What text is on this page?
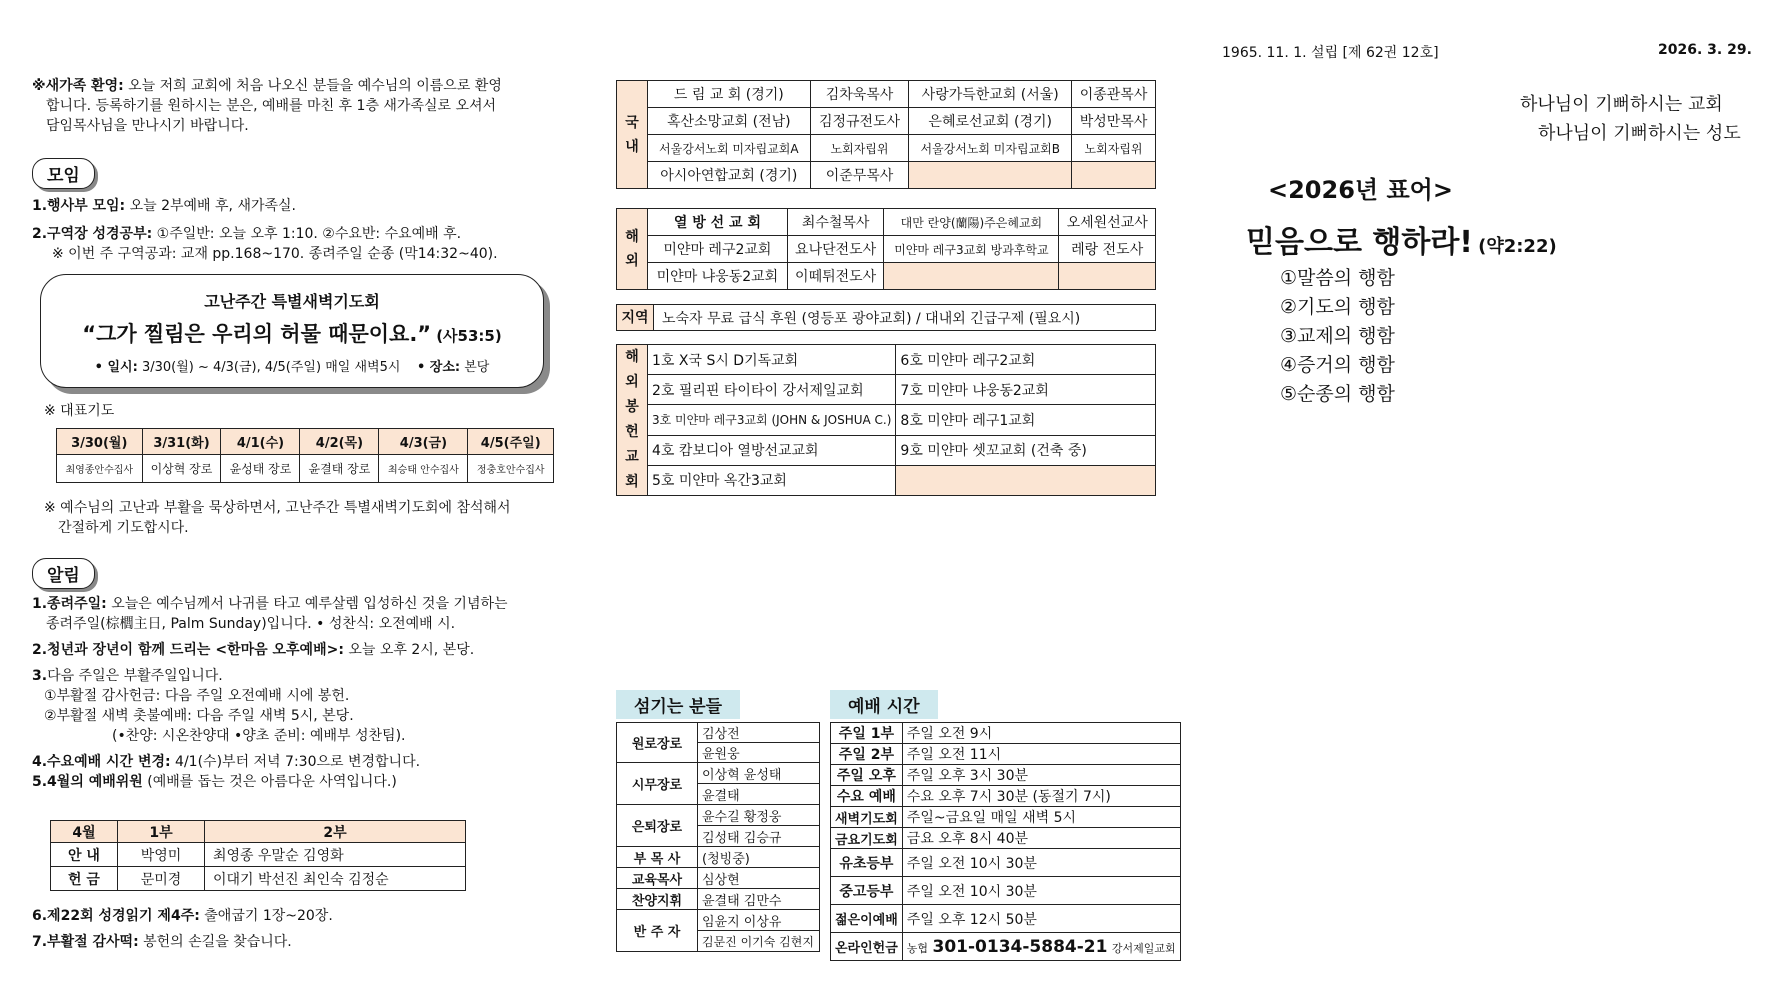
1965. 11. 1. 설립 [제 62권 12호]	2026. 3. 29.
하나님이 기뻐하시는 교회
하나님이 기뻐하시는 성도
<2026년 표어>
믿음으로 행하라! (약2:22)
①말씀의 행함
②기도의 행함
③교제의 행함
④증거의 행함
⑤순종의 행함
※새가족 환영: 오늘 저희 교회에 처음 나오신 분들을 예수님의 이름으로 환영
합니다. 등록하기를 원하시는 분은, 예배를 마친 후 1층 새가족실로 오셔서
담임목사님을 만나시기 바랍니다.
모임
1.행사부 모임: 오늘 2부예배 후, 새가족실.
2.구역장 성경공부: ①주일반: 오늘 오후 1:10. ②수요반: 수요예배 후.
※ 이번 주 구역공과: 교재 pp.168~170. 종려주일 순종 (막14:32~40).
고난주간 특별새벽기도회
“그가 찔림은 우리의 허물 때문이요.” (사53:5)
• 일시: 3/30(월) ~ 4/3(금), 4/5(주일) 매일 새벽5시 • 장소: 본당
※ 대표기도
3/30(월)	3/31(화)	4/1(수)	4/2(목)	4/3(금)	4/5(주일)
최영종안수집사	이상혁 장로	윤성태 장로	윤결태 장로	최승태 안수집사	정충호안수집사
※ 예수님의 고난과 부활을 묵상하면서, 고난주간 특별새벽기도회에 참석해서
간절하게 기도합시다.
알림
1.종려주일: 오늘은 예수님께서 나귀를 타고 예루살렘 입성하신 것을 기념하는
종려주일(棕櫚主日, Palm Sunday)입니다. • 성찬식: 오전예배 시.
2.청년과 장년이 함께 드리는 <한마음 오후예배>: 오늘 오후 2시, 본당.
3.다음 주일은 부활주일입니다.
①부활절 감사헌금: 다음 주일 오전예배 시에 봉헌.
②부활절 새벽 촛불예배: 다음 주일 새벽 5시, 본당.
(•찬양: 시온찬양대 •양초 준비: 예배부 성찬팀).
4.수요예배 시간 변경: 4/1(수)부터 저녁 7:30으로 변경합니다.
5.4월의 예배위원 (예배를 돕는 것은 아름다운 사역입니다.)
4월	1부	2부
안 내	박영미	최영종 우말순 김영화
헌 금	문미경	이대기 박선진 최인숙 김정순
6.제22회 성경읽기 제4주: 출애굽기 1장~20장.
7.부활절 감사떡: 봉헌의 손길을 찾습니다.
국내	드 림 교 회 (경기)	김차욱목사	사랑가득한교회 (서울)	이종관목사
	혹산소망교회 (전남)	김정규전도사	은혜로선교회 (경기)	박성만목사
	서울강서노회 미자립교회A	노회자립위	서울강서노회 미자립교회B	노회자립위
	아시아연합교회 (경기)	이준무목사		
해외	열 방 선 교 회	최수철목사	대만 란양(蘭陽)주은혜교회	오세원선교사
	미얀마 레구2교회	요나단전도사	미얀마 레구3교회 방과후학교	레랑 전도사
	미얀마 냐웅동2교회	이떼튀전도사		
지역	노숙자 무료 급식 후원 (영등포 광야교회) / 대내외 긴급구제 (필요시)
해외봉헌교회	1호 X국 S시 D기독교회	6호 미얀마 레구2교회
	2호 필리핀 타이타이 강서제일교회	7호 미얀마 냐웅동2교회
	3호 미얀마 레구3교회 (JOHN & JOSHUA C.)	8호 미얀마 레구1교회
	4호 캄보디아 열방선교교회	9호 미얀마 셋꼬교회 (건축 중)
	5호 미얀마 옥간3교회	
섬기는 분들
원로장로	김상전
	윤원웅
시무장로	이상혁 윤성태
	윤결태
은퇴장로	윤수길 황정웅
	김성태 김승규
부 목 사	(청빙중)
교육목사	심상현
찬양지휘	윤결태 김만수
반 주 자	임윤지 이상유
	김문진 이기숙 김현지
예배 시간
주일 1부	주일 오전 9시
주일 2부	주일 오전 11시
주일 오후	주일 오후 3시 30분
수요 예배	수요 오후 7시 30분 (동절기 7시)
새벽기도회	주일~금요일 매일 새벽 5시
금요기도회	금요 오후 8시 40분
유초등부	주일 오전 10시 30분
중고등부	주일 오전 10시 30분
젊은이예배	주일 오후 12시 50분
온라인헌금	농협 301-0134-5884-21 강서제일교회
